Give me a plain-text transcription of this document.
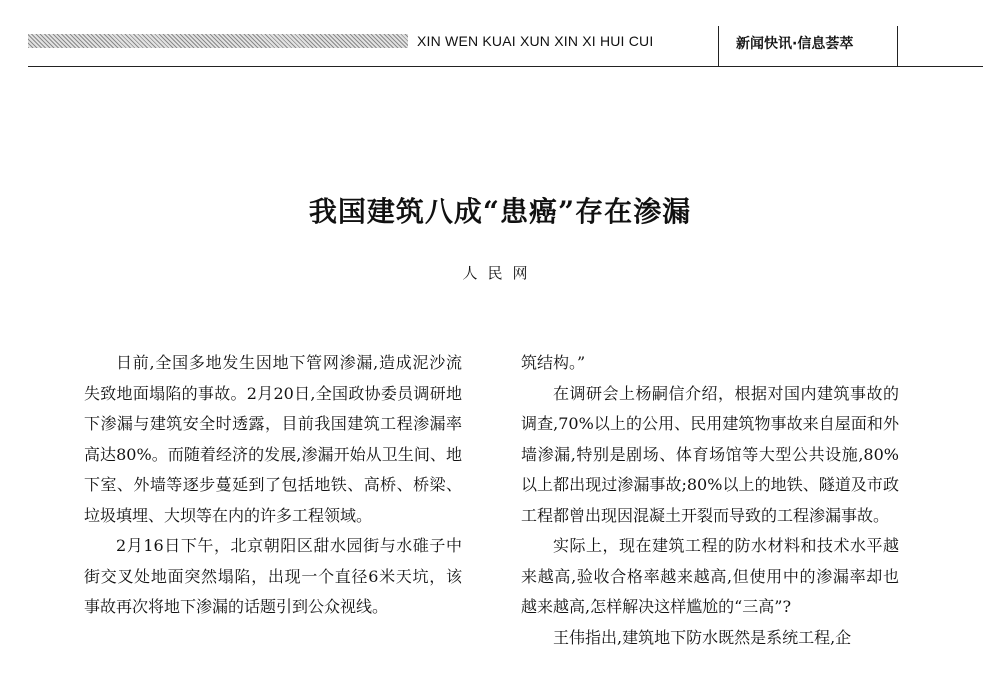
XIN WEN KUAI XUN XIN XI HUI CUI	新闻快讯·信息荟萃
我国建筑八成“患癌”存在渗漏
人民网

日前,全国多地发生因地下管网渗漏,造成泥沙流失致地面塌陷的事故。2月20日,全国政协委员调研地下渗漏与建筑安全时透露，目前我国建筑工程渗漏率高达80%。而随着经济的发展,渗漏开始从卫生间、地下室、外墙等逐步蔓延到了包括地铁、高桥、桥梁、垃圾填埋、大坝等在内的许多工程领域。

2月16日下午，北京朝阳区甜水园街与水碓子中街交叉处地面突然塌陷，出现一个直径6米天坑，该事故再次将地下渗漏的话题引到公众视线。

筑结构。”

在调研会上杨嗣信介绍，根据对国内建筑事故的调查,70%以上的公用、民用建筑物事故来自屋面和外墙渗漏,特别是剧场、体育场馆等大型公共设施,80%以上都出现过渗漏事故;80%以上的地铁、隧道及市政工程都曾出现因混凝土开裂而导致的工程渗漏事故。

实际上，现在建筑工程的防水材料和技术水平越来越高,验收合格率越来越高,但使用中的渗漏率却也越来越高,怎样解决这样尴尬的“三高”?

王伟指出,建筑地下防水既然是系统工程,企
